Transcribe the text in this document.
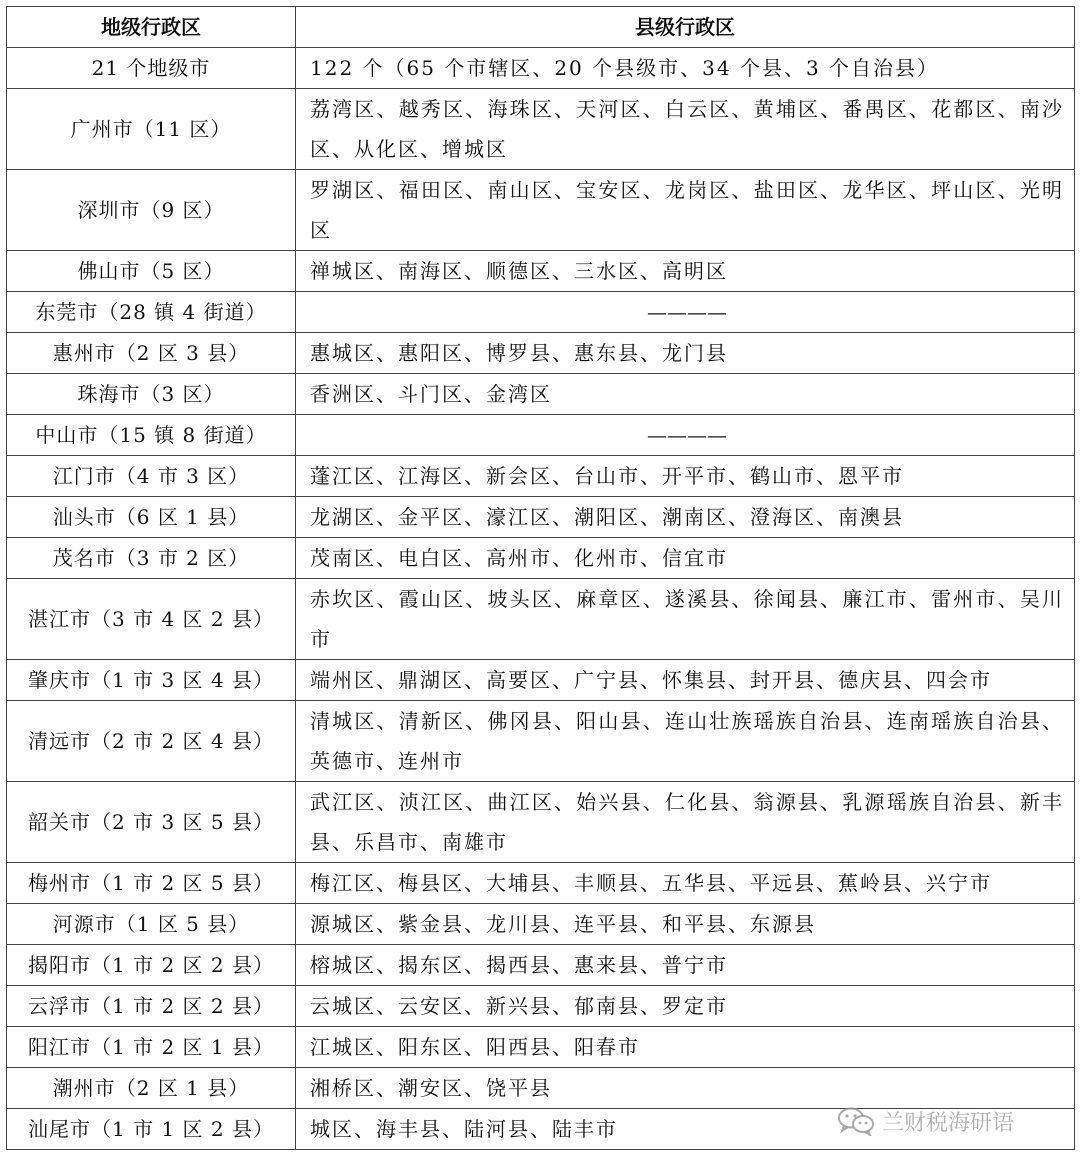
地级行政区	县级行政区
21 个地级市	122 个（65 个市辖区、20 个县级市、34 个县、3 个自治县）
广州市（11 区）	荔湾区、越秀区、海珠区、天河区、白云区、黄埔区、番禺区、花都区、南沙区、从化区、增城区
深圳市（9 区）	罗湖区、福田区、南山区、宝安区、龙岗区、盐田区、龙华区、坪山区、光明区
佛山市（5 区）	禅城区、南海区、顺德区、三水区、高明区
东莞市（28 镇 4 街道）	————
惠州市（2 区 3 县）	惠城区、惠阳区、博罗县、惠东县、龙门县
珠海市（3 区）	香洲区、斗门区、金湾区
中山市（15 镇 8 街道）	————
江门市（4 市 3 区）	蓬江区、江海区、新会区、台山市、开平市、鹤山市、恩平市
汕头市（6 区 1 县）	龙湖区、金平区、濠江区、潮阳区、潮南区、澄海区、南澳县
茂名市（3 市 2 区）	茂南区、电白区、高州市、化州市、信宜市
湛江市（3 市 4 区 2 县）	赤坎区、霞山区、坡头区、麻章区、遂溪县、徐闻县、廉江市、雷州市、吴川市
肇庆市（1 市 3 区 4 县）	端州区、鼎湖区、高要区、广宁县、怀集县、封开县、德庆县、四会市
清远市（2 市 2 区 4 县）	清城区、清新区、佛冈县、阳山县、连山壮族瑶族自治县、连南瑶族自治县、英德市、连州市
韶关市（2 市 3 区 5 县）	武江区、浈江区、曲江区、始兴县、仁化县、翁源县、乳源瑶族自治县、新丰县、乐昌市、南雄市
梅州市（1 市 2 区 5 县）	梅江区、梅县区、大埔县、丰顺县、五华县、平远县、蕉岭县、兴宁市
河源市（1 区 5 县）	源城区、紫金县、龙川县、连平县、和平县、东源县
揭阳市（1 市 2 区 2 县）	榕城区、揭东区、揭西县、惠来县、普宁市
云浮市（1 市 2 区 2 县）	云城区、云安区、新兴县、郁南县、罗定市
阳江市（1 市 2 区 1 县）	江城区、阳东区、阳西县、阳春市
潮州市（2 区 1 县）	湘桥区、潮安区、饶平县
汕尾市（1 市 1 区 2 县）	城区、海丰县、陆河县、陆丰市	兰财税海研语
